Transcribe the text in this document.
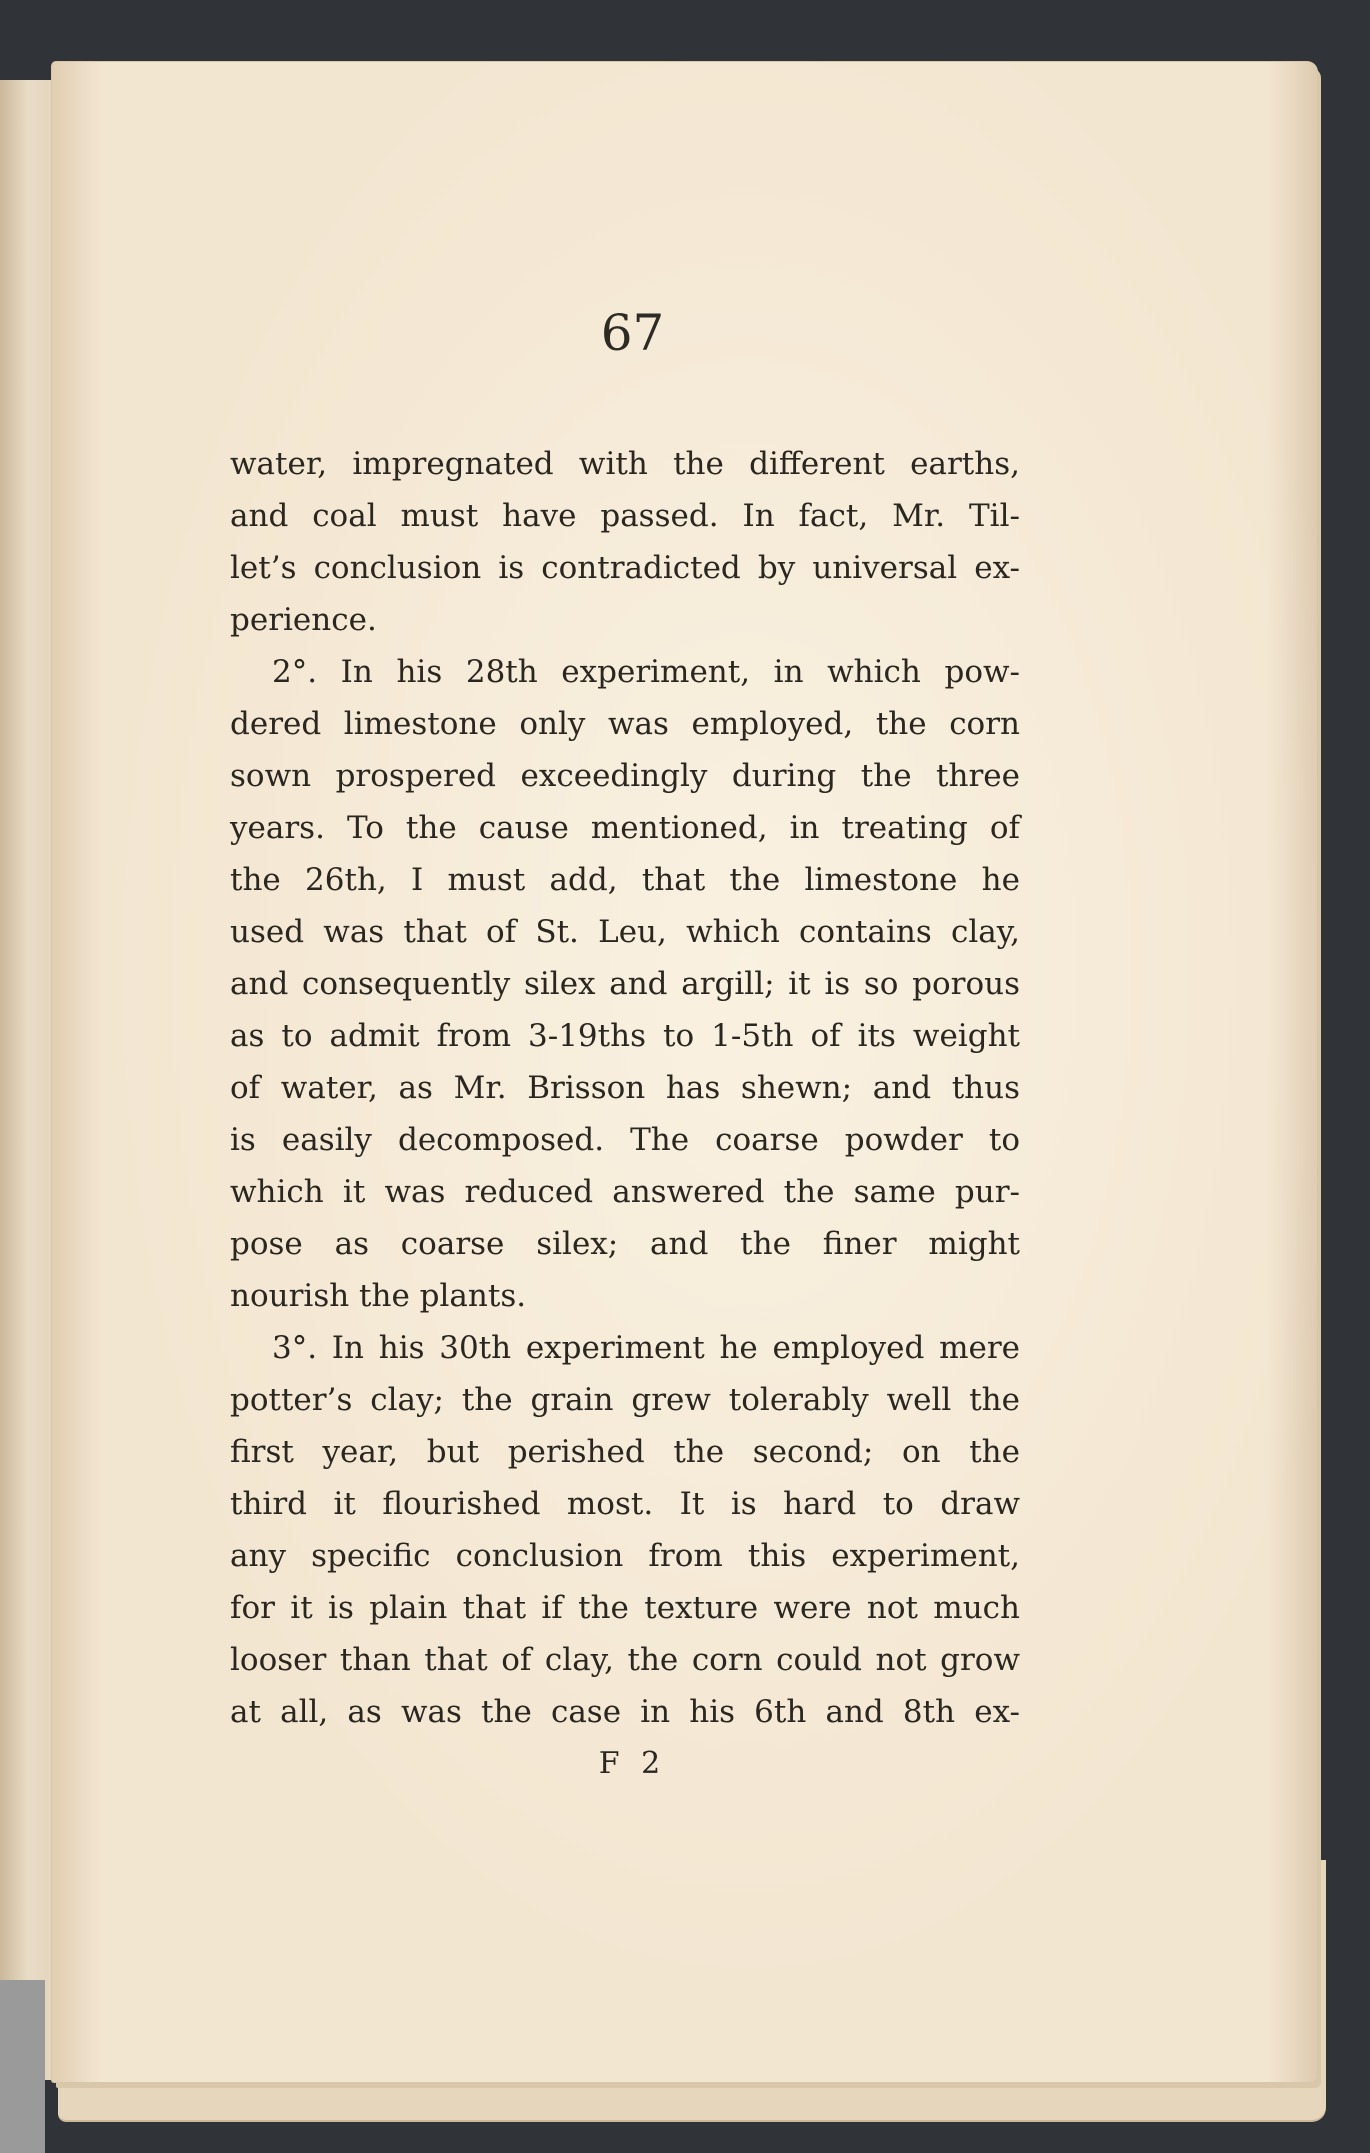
67
water, impregnated with the different earths,
and coal must have passed. In fact, Mr. Til-
let’s conclusion is contradicted by universal ex-
perience.
2°. In his 28th experiment, in which pow-
dered limestone only was employed, the corn
sown prospered exceedingly during the three
years. To the cause mentioned, in treating of
the 26th, I must add, that the limestone he
used was that of St. Leu, which contains clay,
and consequently silex and argill; it is so porous
as to admit from 3-19ths to 1-5th of its weight
of water, as Mr. Brisson has shewn; and thus
is easily decomposed. The coarse powder to
which it was reduced answered the same pur-
pose as coarse silex; and the finer might
nourish the plants.
3°. In his 30th experiment he employed mere
potter’s clay; the grain grew tolerably well the
first year, but perished the second; on the
third it flourished most. It is hard to draw
any specific conclusion from this experiment,
for it is plain that if the texture were not much
looser than that of clay, the corn could not grow
at all, as was the case in his 6th and 8th ex-
F 2
